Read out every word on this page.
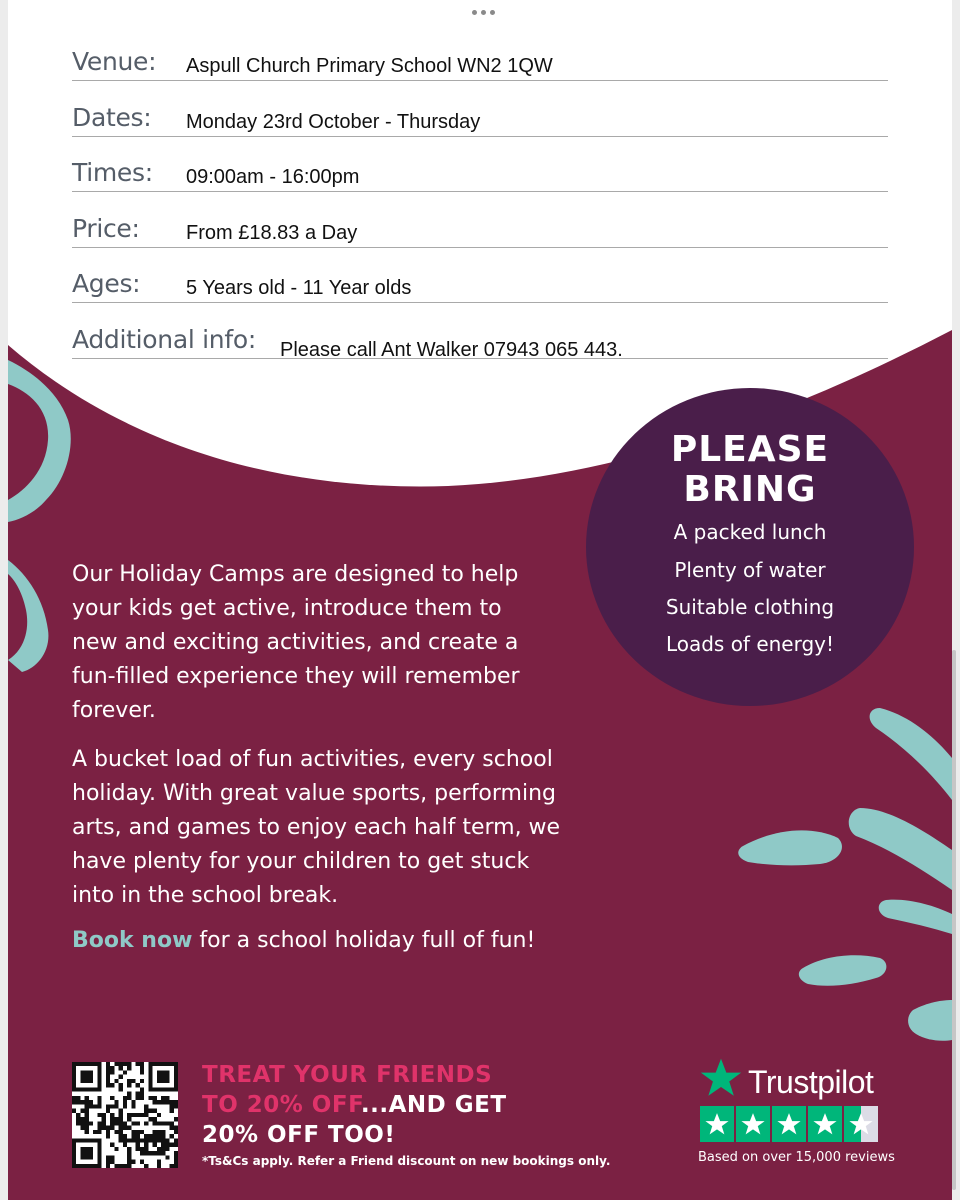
Venue: Aspull Church Primary School WN2 1QW
Dates: Monday 23rd October - Thursday
Times: 09:00am - 16:00pm
Price: From £18.83 a Day
Ages: 5 Years old - 11 Year olds
Additional info: Please call Ant Walker 07943 065 443.
PLEASE
BRING
A packed lunch
Plenty of water
Suitable clothing
Loads of energy!
Our Holiday Camps are designed to help
your kids get active, introduce them to
new and exciting activities, and create a
fun-filled experience they will remember
forever.
A bucket load of fun activities, every school
holiday. With great value sports, performing
arts, and games to enjoy each half term, we
have plenty for your children to get stuck
into in the school break.
Book now for a school holiday full of fun!
TREAT YOUR FRIENDS
TO 20% OFF...AND GET
20% OFF TOO!
*Ts&Cs apply. Refer a Friend discount on new bookings only.
Trustpilot
Based on over 15,000 reviews
